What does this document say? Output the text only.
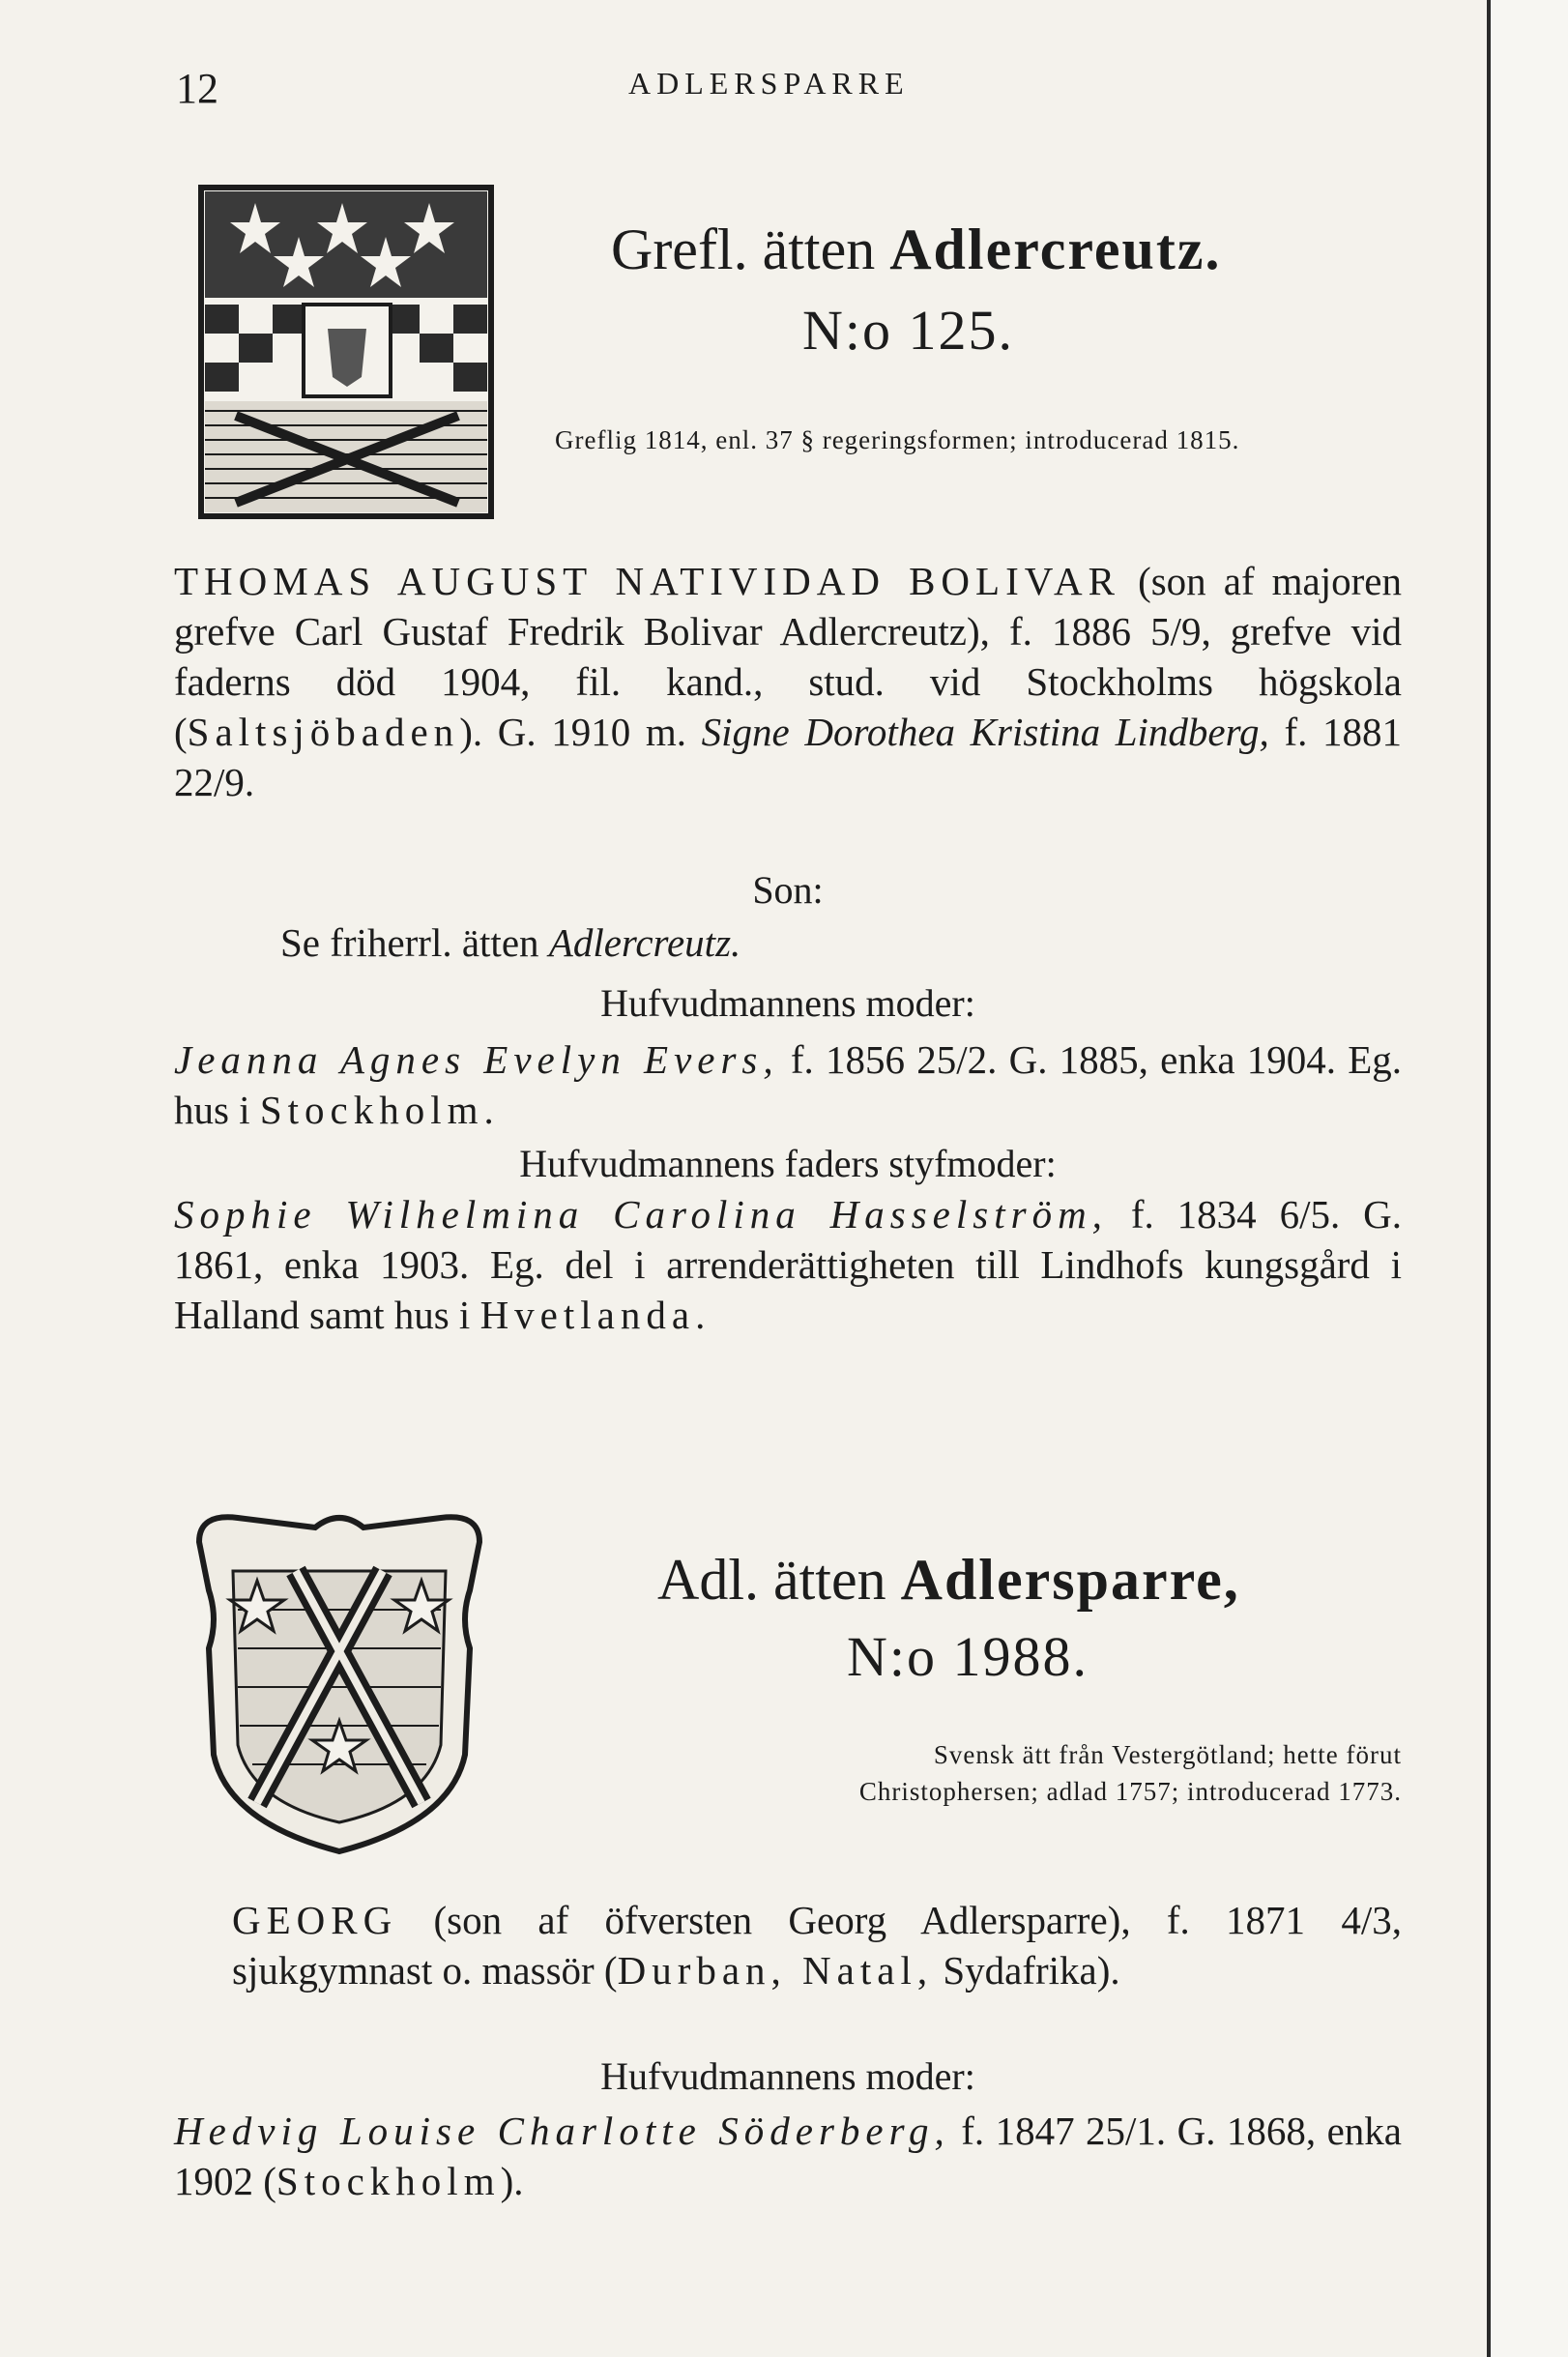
12	ADLERSPARRE
Grefl. ätten Adlercreutz.
N:o 125.
Greflig 1814, enl. 37 § regeringsformen; introducerad 1815.
THOMAS AUGUST NATIVIDAD BOLIVAR (son af majoren grefve Carl Gustaf Fredrik Bolivar Adlercreutz), f. 1886 5/9, grefve vid faderns död 1904, fil. kand., stud. vid Stockholms högskola (Saltsjöbaden). G. 1910 m. Signe Dorothea Kristina Lindberg, f. 1881 22/9.
Son:
Se friherrl. ätten Adlercreutz.
Hufvudmannens moder:
Jeanna Agnes Evelyn Evers, f. 1856 25/2. G. 1885, enka 1904. Eg. hus i Stockholm.
Hufvudmannens faders styfmoder:
Sophie Wilhelmina Carolina Hasselström, f. 1834 6/5. G. 1861, enka 1903. Eg. del i arrenderättigheten till Lindhofs kungsgård i Halland samt hus i Hvetlanda.
Adl. ätten Adlersparre,
N:o 1988.
Svensk ätt från Vestergötland; hette förut
Christophersen; adlad 1757; introducerad 1773.
GEORG (son af öfversten Georg Adlersparre), f. 1871 4/3, sjukgymnast o. massör (Durban, Natal, Sydafrika).
Hufvudmannens moder:
Hedvig Louise Charlotte Söderberg, f. 1847 25/1. G. 1868, enka 1902 (Stockholm).
